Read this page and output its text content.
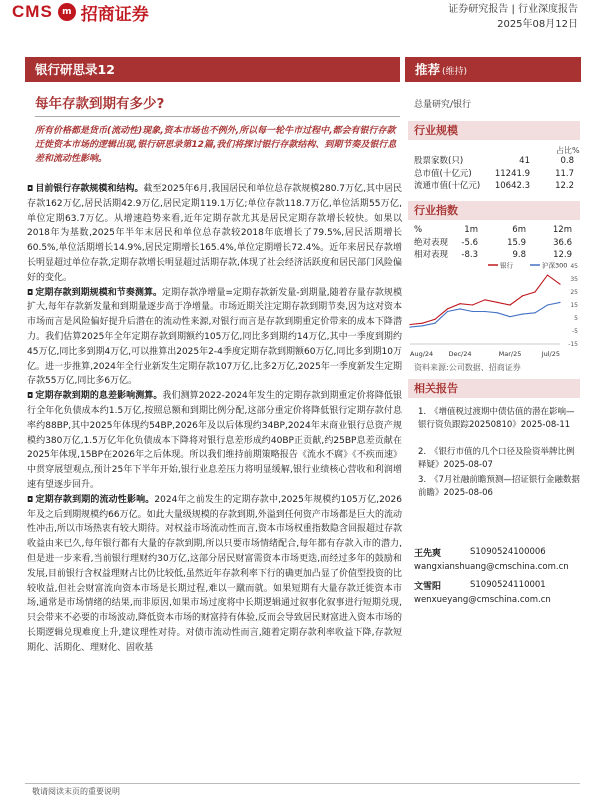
CMS	m 招商证券	证券研究报告 | 行业深度报告
2025年08月12日
银行研思录12	推荐 (维持)
每年存款到期有多少?	总量研究/银行
所有价格都是货币(流动性)现象,资本市场也不例外,所以每一轮牛市过程中,都会有银行存款迁徙资本市场的逻辑出现,银行研思录第12篇,我们将探讨银行存款结构、到期节奏及银行息差和流动性影响。

◘ 目前银行存款规模和结构。截至2025年6月,我国居民和单位总存款规模280.7万亿,其中居民存款162万亿,居民活期42.9万亿,居民定期119.1万亿;单位存款118.7万亿,单位活期55万亿,单位定期63.7万亿。从增速趋势来看,近年定期存款尤其是居民定期存款增长较快。如果以2018年为基数,2025年半年末居民和单位总存款较2018年底增长了79.5%,居民活期增长60.5%,单位活期增长14.9%,居民定期增长165.4%,单位定期增长72.4%。近年来居民存款增长明显超过单位存款,定期存款增长明显超过活期存款,体现了社会经济活跃度和居民部门风险偏好的变化。

◘ 定期存款到期规模和节奏测算。定期存款净增量=定期存款新发量-到期量,随着存量存款规模扩大,每年存款新发量和到期量逐步高于净增量。市场近期关注定期存款到期节奏,因为这对资本市场而言是风险偏好提升后潜在的流动性来源,对银行而言是存款到期重定价带来的成本下降潜力。我们估算2025年全年定期存款到期额约105万亿,同比多到期约14万亿,其中一季度到期约45万亿,同比多到期4万亿,可以推算出2025年2-4季度定期存款到期额60万亿,同比多到期10万亿。进一步推算,2024年全行业新发生定期存款107万亿,比多2万亿,2025年一季度新发生定期存款55万亿,同比多6万亿。

◘ 定期存款到期的息差影响测算。我们测算2022-2024年发生的定期存款到期重定价将降低银行全年化负债成本约1.5万亿,按照总额和到期比例分配,这部分重定价将降低银行定期存款付息率约88BP,其中2025年体现约54BP,2026年及以后体现约34BP,2024年末商业银行总资产规模约380万亿,1.5万亿年化负债成本下降将对银行息差形成约40BP正贡献,约25BP息差贡献在2025年体现,15BP在2026年之后体现。所以我们维持前期策略报告《流水不腐》《不疾而速》中贯穿展望观点,预计25年下半年开始,银行业息差压力将明显缓解,银行业绩核心营收和利润增速有望逐步回升。

◘ 定期存款到期的流动性影响。2024年之前发生的定期存款中,2025年规模约105万亿,2026年及之后到期规模约66万亿。如此大量级规模的存款到期,外溢到任何资产市场都是巨大的流动性冲击,所以市场热衷有较大期待。对权益市场流动性而言,资本市场权重指数隐含回报超过存款收益由来已久,每年银行都有大量的存款到期,所以只要市场情绪配合,每年都有存款入市的潜力,但是进一步来看,当前银行理财约30万亿,这部分居民财富需资本市场更迭,而经过多年的鼓励和发展,目前银行含权益理财占比仍比较低,虽然近年存款利率下行的确更加凸显了价值型投资的比较收益,但社会财富流向资本市场是长期过程,难以一蹴而就。如果短期有大量存款迁徙资本市场,通常是市场情绪的结果,而非原因,如果市场过度将中长期逻辑通过叙事化叙事进行短期兑现,只会带来不必要的市场波动,降低资本市场的财富持有体验,反而会导致居民财富进入资本市场的长期逻辑兑现难度上升,建议理性对待。对债市流动性而言,随着定期存款利率收益下降,存款短期化、活期化、理财化、固收基

行业规模
占比%
股票家数(只)	41	0.8
总市值(十亿元)	11241.9	11.7
流通市值(十亿元) 10642.3	12.2
行业指数
%	1m	6m	12m
绝对表现 -5.6	15.9	36.6
相对表现 -8.3	9.8	12.9
45
35
25
15
5
-5
-15
Aug/24 Dec/24	Mar/25	Jul/25
银行	沪深300
资料来源:公司数据、招商证券
相关报告
1. 《增值税过渡期中债估值的潜在影响—银行资负跟踪20250810》2025-08-11
2. 《银行市值的几个口径及险资举牌比例释疑》2025-08-07
3. 《7月社融前瞻预测—招证银行金融数据前瞻》2025-08-06
王先爽	S1090524100006
wangxianshuang@cmschina.com.cn
文雪阳	S1090524110001
wenxueyang@cmschina.com.cn
敬请阅读末页的重要说明
